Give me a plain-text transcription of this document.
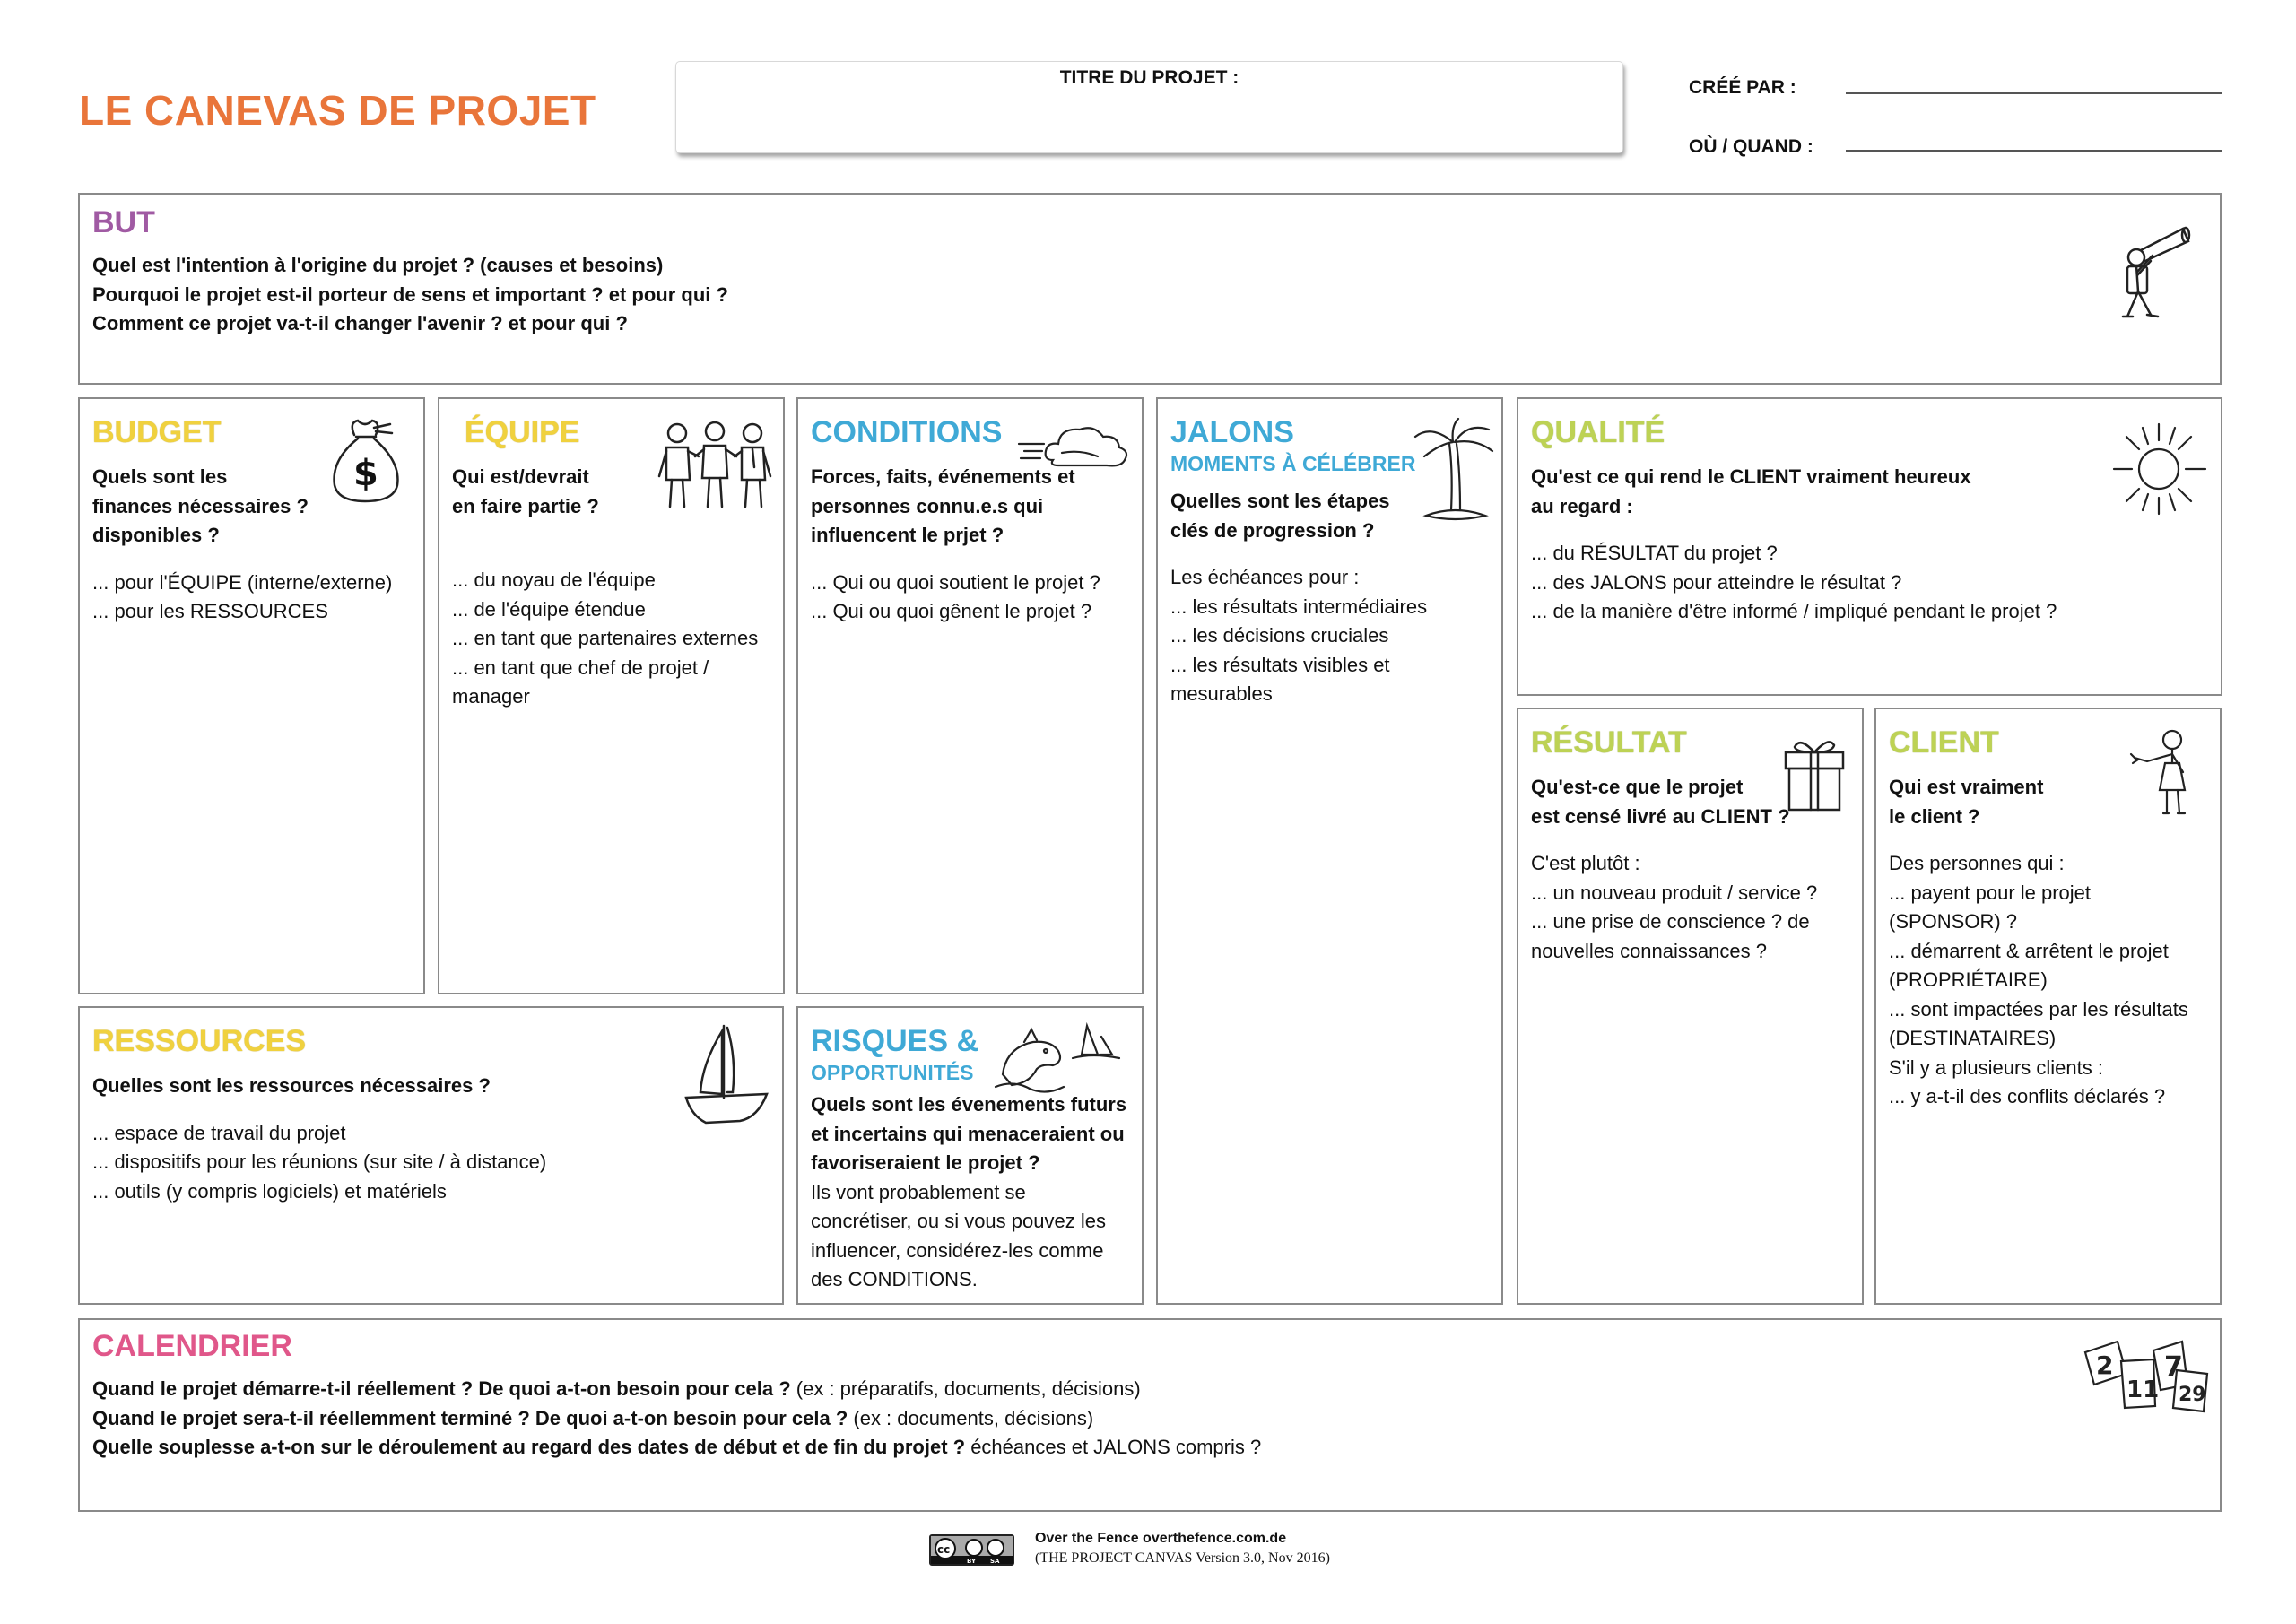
LE CANEVAS DE PROJET
TITRE DU PROJET :	CRÉÉ PAR :
OÙ / QUAND :
BUT
Quel est l'intention à l'origine du projet ? (causes et besoins)
Pourquoi le projet est-il porteur de sens et important ? et pour qui ?
Comment ce projet va-t-il changer l'avenir ? et pour qui ?
BUDGET
Quels sont les
finances nécessaires ?
disponibles ?
... pour l'ÉQUIPE (interne/externe)
... pour les RESSOURCES
$
ÉQUIPE
Qui est/devrait
en faire partie ?
... du noyau de l'équipe
... de l'équipe étendue
... en tant que partenaires externes
... en tant que chef de projet /
manager
CONDITIONS
Forces, faits, événements et
personnes connu.e.s qui
influencent le prjet ?
... Qui ou quoi soutient le projet ?
... Qui ou quoi gênent le projet ?
JALONS
MOMENTS À CÉLÉBRER
Quelles sont les étapes
clés de progression ?
Les échéances pour :
... les résultats intermédiaires
... les décisions cruciales
... les résultats visibles et
mesurables
QUALITÉ
Qu'est ce qui rend le CLIENT vraiment heureux
au regard :
... du RÉSULTAT du projet ?
... des JALONS pour atteindre le résultat ?
... de la manière d'être informé / impliqué pendant le projet ?
RÉSULTAT
Qu'est-ce que le projet
est censé livré au CLIENT ?
C'est plutôt :
... un nouveau produit / service ?
... une prise de conscience ? de
nouvelles connaissances ?
CLIENT
Qui est vraiment
le client ?
Des personnes qui :
... payent pour le projet
(SPONSOR) ?
... démarrent & arrêtent le projet
(PROPRIÉTAIRE)
... sont impactées par les résultats
(DESTINATAIRES)
S'il y a plusieurs clients :
... y a-t-il des conflits déclarés ?
RESSOURCES
Quelles sont les ressources nécessaires ?
... espace de travail du projet
... dispositifs pour les réunions (sur site / à distance)
... outils (y compris logiciels) et matériels
RISQUES &
OPPORTUNITÉS
Quels sont les évenements futurs
et incertains qui menaceraient ou
favoriseraient le projet ?
Ils vont probablement se
concrétiser, ou si vous pouvez les
influencer, considérez-les comme
des CONDITIONS.
CALENDRIER
Quand le projet démarre-t-il réellement ? De quoi a-t-on besoin pour cela ? (ex : préparatifs, documents, décisions)
Quand le projet sera-t-il réellemment terminé ? De quoi a-t-on besoin pour cela ? (ex : documents, décisions)
Quelle souplesse a-t-on sur le déroulement au regard des dates de début et de fin du projet ? échéances et JALONS compris ?
2
11
7
29
cc
BY SA
Over the Fence overthefence.com.de
(THE PROJECT CANVAS Version 3.0, Nov 2016)
